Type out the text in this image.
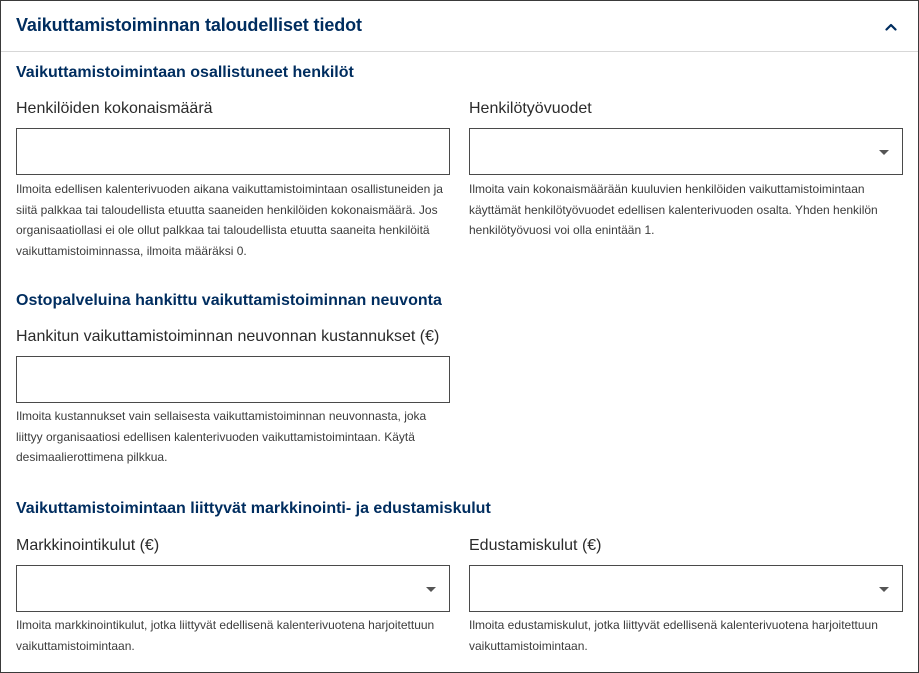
Vaikuttamistoiminnan taloudelliset tiedot
Vaikuttamistoimintaan osallistuneet henkilöt
Henkilöiden kokonaismäärä
Ilmoita edellisen kalenterivuoden aikana vaikuttamistoimintaan osallistuneiden ja siitä palkkaa tai taloudellista etuutta saaneiden henkilöiden kokonaismäärä. Jos organisaatiollasi ei ole ollut palkkaa tai taloudellista etuutta saaneita henkilöitä vaikuttamistoiminnassa, ilmoita määräksi 0.
Henkilötyövuodet
Ilmoita vain kokonaismäärään kuuluvien henkilöiden vaikuttamistoimintaan käyttämät henkilötyövuodet edellisen kalenterivuoden osalta. Yhden henkilön henkilötyövuosi voi olla enintään 1.
Ostopalveluina hankittu vaikuttamistoiminnan neuvonta
Hankitun vaikuttamistoiminnan neuvonnan kustannukset (€)
Ilmoita kustannukset vain sellaisesta vaikuttamistoiminnan neuvonnasta, joka liittyy organisaatiosi edellisen kalenterivuoden vaikuttamistoimintaan. Käytä desimaalierottimena pilkkua.
Vaikuttamistoimintaan liittyvät markkinointi- ja edustamiskulut
Markkinointikulut (€)
Ilmoita markkinointikulut, jotka liittyvät edellisenä kalenterivuotena harjoitettuun vaikuttamistoimintaan.
Edustamiskulut (€)
Ilmoita edustamiskulut, jotka liittyvät edellisenä kalenterivuotena harjoitettuun vaikuttamistoimintaan.
